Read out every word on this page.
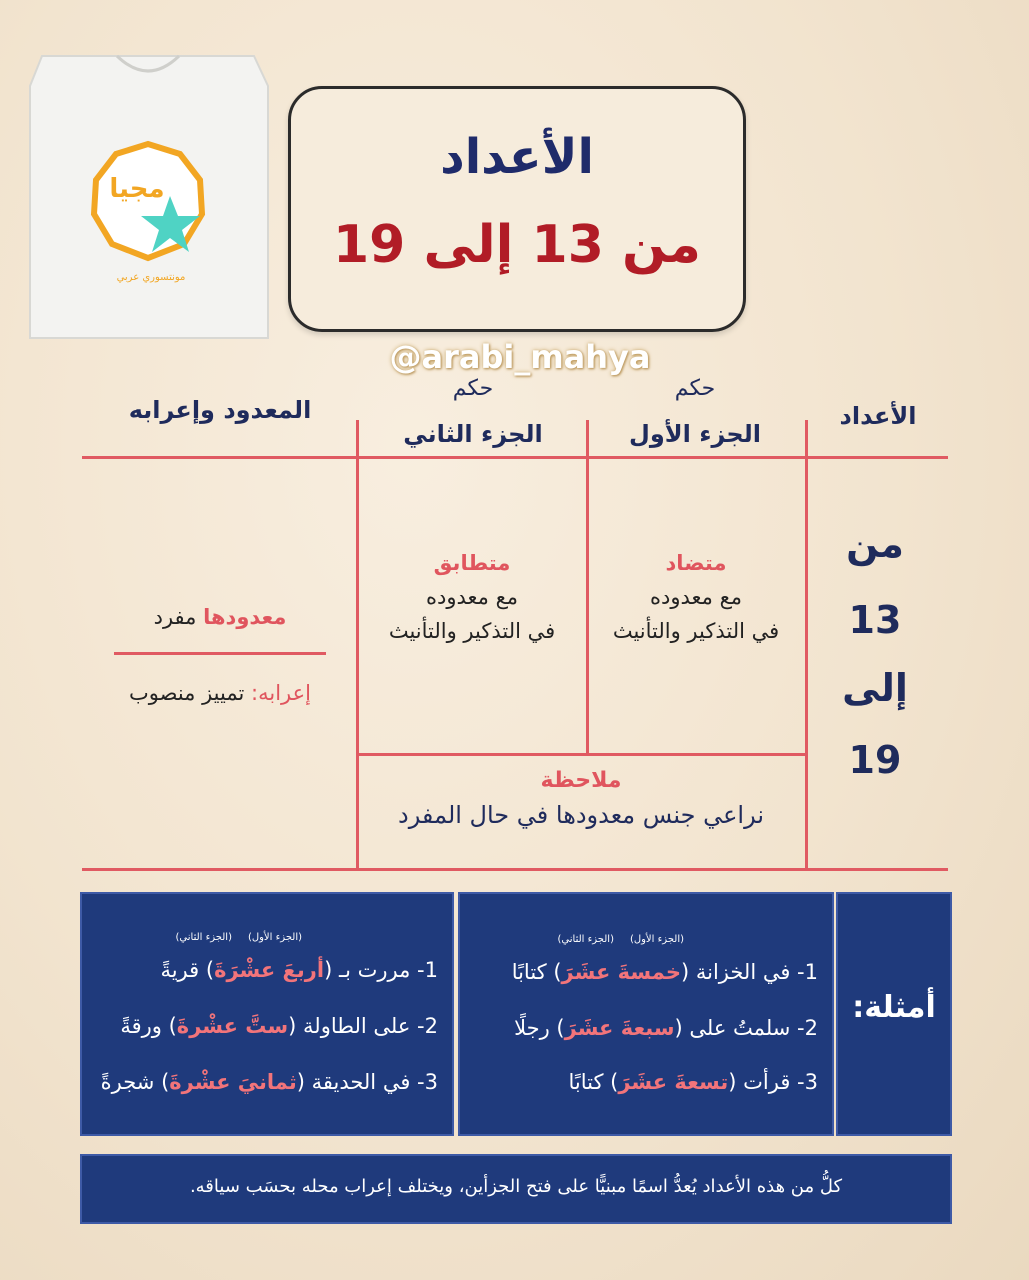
مجيا
مونتسوري عربي
الأعداد
من 13 إلى 19
@arabi_mahya
الأعداد
حكم
الجزء الأول
حكم
الجزء الثاني
المعدود وإعرابه
من
13
إلى
19
متضاد
مع معدوده
في التذكير والتأنيث
متطابق
مع معدوده
في التذكير والتأنيث
معدودها مفرد
إعرابه: تمييز منصوب
ملاحظة
نراعي جنس معدودها في حال المفرد
أمثلة:
(الجزء الأول)
(الجزء الثاني)
1- في الخزانة (خمسةَ عشَرَ) كتابًا
2- سلمتُ على (سبعةَ عشَرَ) رجلًا
3- قرأت (تسعةَ عشَرَ) كتابًا
(الجزء الأول)
(الجزء الثاني)
1- مررت بـ (أربعَ عشْرَةَ) قريةً
2- على الطاولة (ستَّ عشْرةَ) ورقةً
3- في الحديقة (ثمانيَ عشْرةَ) شجرةً
كلُّ من هذه الأعداد يُعدُّ اسمًا مبنيًّا على فتح الجزأين، ويختلف إعراب محله بحسَب سياقه.
